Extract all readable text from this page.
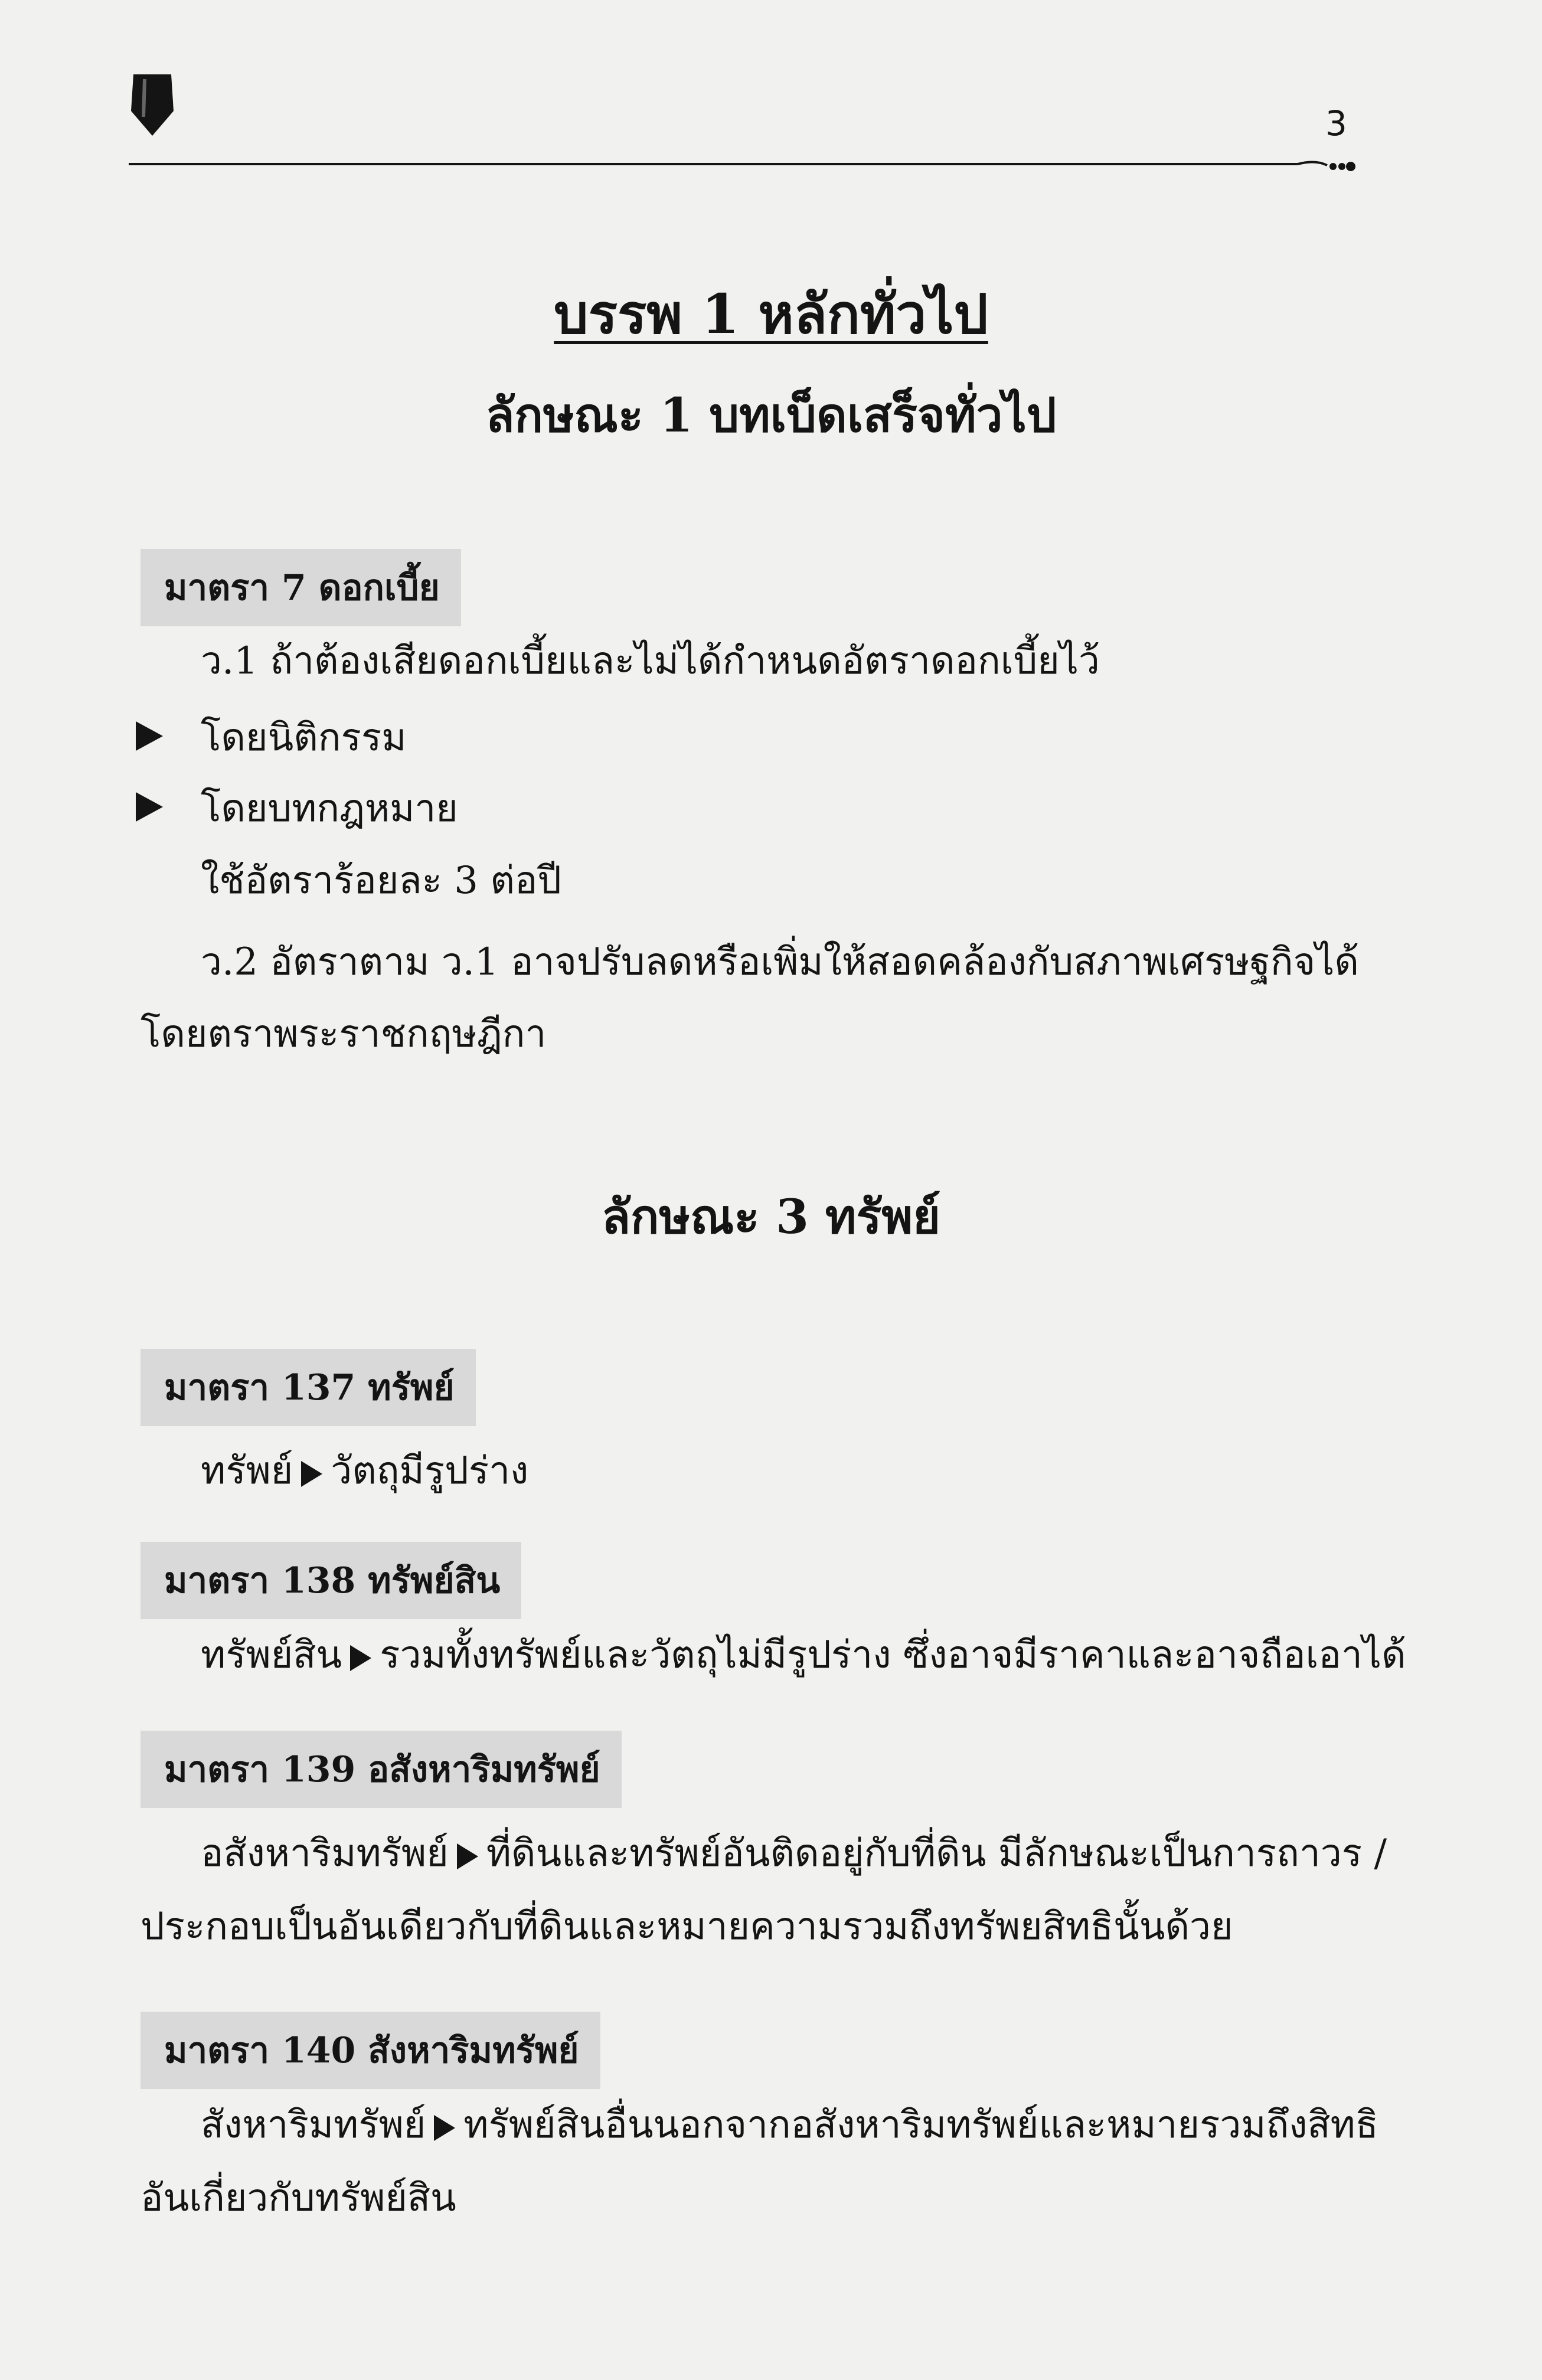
3
บรรพ 1 หลักทั่วไป
ลักษณะ 1 บทเบ็ดเสร็จทั่วไป
มาตรา 7 ดอกเบี้ย
ว.1 ถ้าต้องเสียดอกเบี้ยและไม่ได้กำหนดอัตราดอกเบี้ยไว้
โดยนิติกรรม
โดยบทกฎหมาย
ใช้อัตราร้อยละ 3 ต่อปี
ว.2 อัตราตาม ว.1 อาจปรับลดหรือเพิ่มให้สอดคล้องกับสภาพเศรษฐกิจได้
โดยตราพระราชกฤษฎีกา
ลักษณะ 3 ทรัพย์
มาตรา 137 ทรัพย์
ทรัพย์ วัตถุมีรูปร่าง
มาตรา 138 ทรัพย์สิน
ทรัพย์สิน รวมทั้งทรัพย์และวัตถุไม่มีรูปร่าง ซึ่งอาจมีราคาและอาจถือเอาได้
มาตรา 139 อสังหาริมทรัพย์
อสังหาริมทรัพย์ ที่ดินและทรัพย์อันติดอยู่กับที่ดิน มีลักษณะเป็นการถาวร /
ประกอบเป็นอันเดียวกับที่ดินและหมายความรวมถึงทรัพยสิทธินั้นด้วย
มาตรา 140 สังหาริมทรัพย์
สังหาริมทรัพย์ ทรัพย์สินอื่นนอกจากอสังหาริมทรัพย์และหมายรวมถึงสิทธิ
อันเกี่ยวกับทรัพย์สิน
